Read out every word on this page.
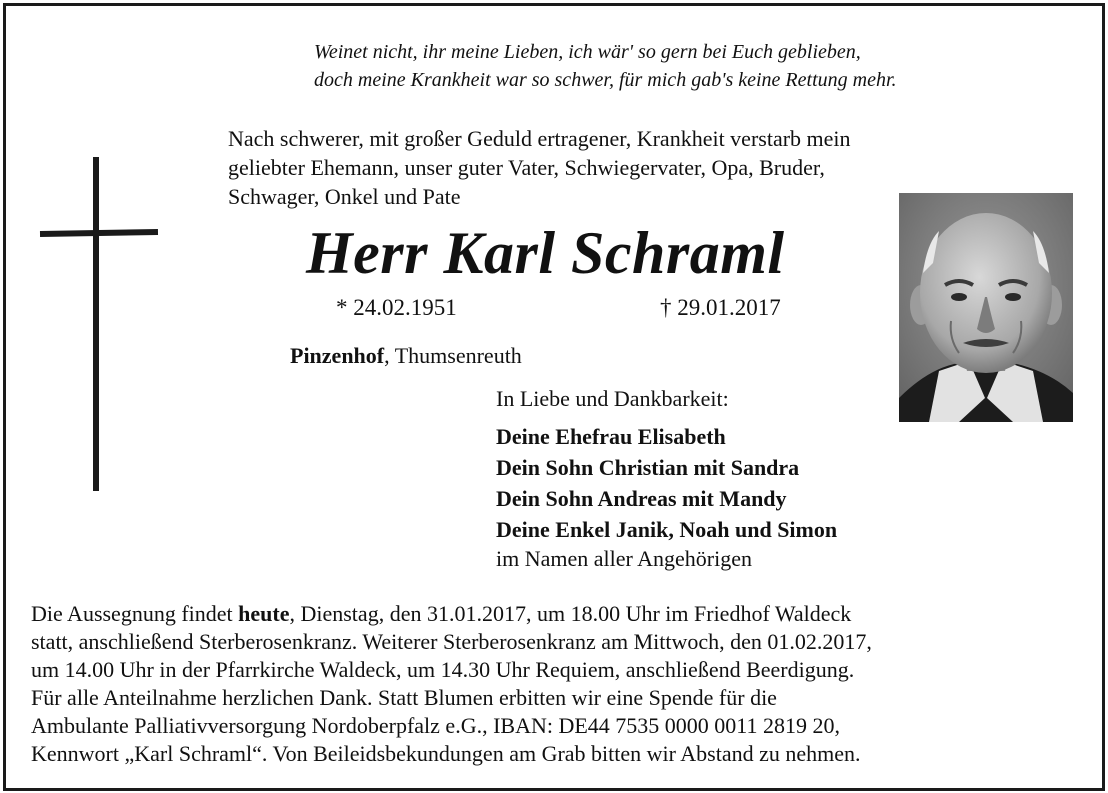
Weinet nicht, ihr meine Lieben, ich wär' so gern bei Euch geblieben,
doch meine Krankheit war so schwer, für mich gab's keine Rettung mehr.
Nach schwerer, mit großer Geduld ertragener, Krankheit verstarb mein
geliebter Ehemann, unser guter Vater, Schwiegervater, Opa, Bruder,
Schwager, Onkel und Pate
Herr Karl Schraml
* 24.02.1951	† 29.01.2017
Pinzenhof, Thumsenreuth
In Liebe und Dankbarkeit:
Deine Ehefrau Elisabeth
Dein Sohn Christian mit Sandra
Dein Sohn Andreas mit Mandy
Deine Enkel Janik, Noah und Simon
im Namen aller Angehörigen
Die Aussegnung findet heute, Dienstag, den 31.01.2017, um 18.00 Uhr im Friedhof Waldeck
statt, anschließend Sterberosenkranz. Weiterer Sterberosenkranz am Mittwoch, den 01.02.2017,
um 14.00 Uhr in der Pfarrkirche Waldeck, um 14.30 Uhr Requiem, anschließend Beerdigung.
Für alle Anteilnahme herzlichen Dank. Statt Blumen erbitten wir eine Spende für die
Ambulante Palliativversorgung Nordoberpfalz e.G., IBAN: DE44 7535 0000 0011 2819 20,
Kennwort „Karl Schraml“. Von Beileidsbekundungen am Grab bitten wir Abstand zu nehmen.
